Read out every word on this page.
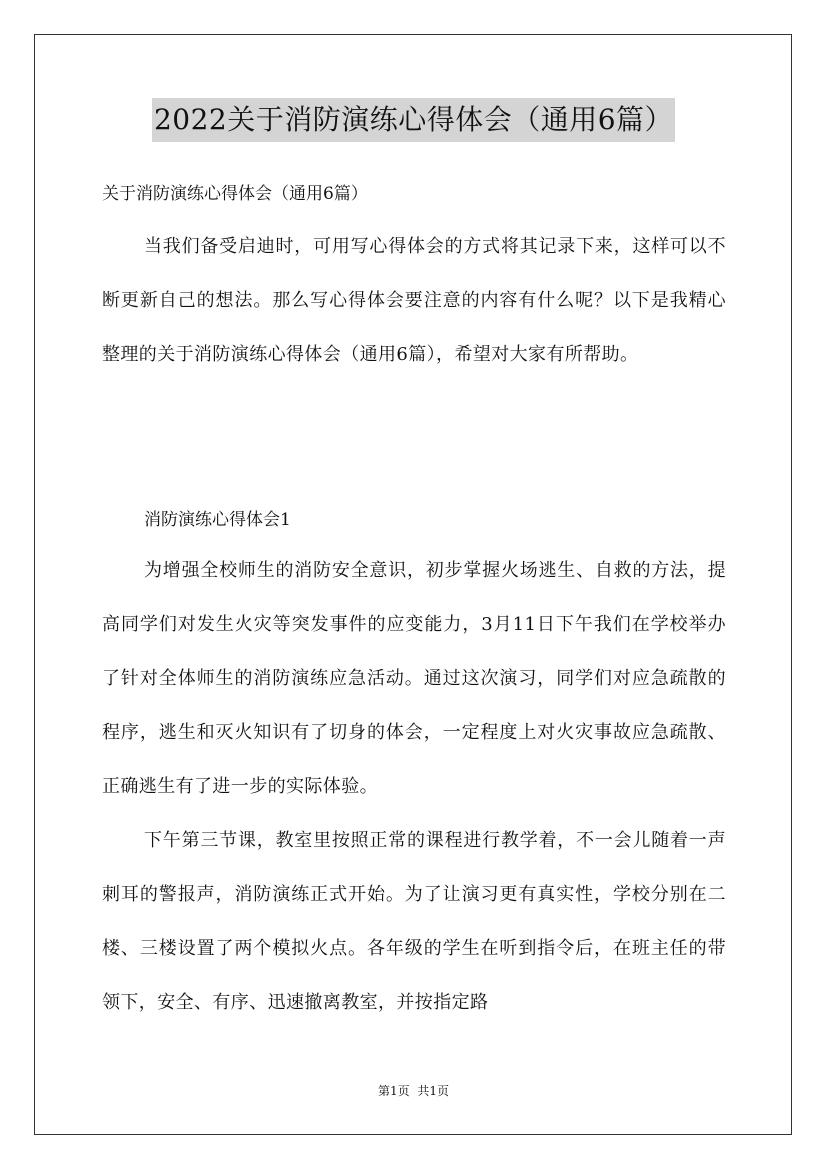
2022关于消防演练心得体会（通用6篇）
关于消防演练心得体会（通用6篇）

当我们备受启迪时，可用写心得体会的方式将其记录下来，这样可以不断更新自己的想法。那么写心得体会要注意的内容有什么呢？以下是我精心整理的关于消防演练心得体会（通用6篇），希望对大家有所帮助。

消防演练心得体会1

为增强全校师生的消防安全意识，初步掌握火场逃生、自救的方法，提高同学们对发生火灾等突发事件的应变能力，3月11日下午我们在学校举办了针对全体师生的消防演练应急活动。通过这次演习，同学们对应急疏散的程序，逃生和灭火知识有了切身的体会，一定程度上对火灾事故应急疏散、正确逃生有了进一步的实际体验。

下午第三节课，教室里按照正常的课程进行教学着，不一会儿随着一声刺耳的警报声，消防演练正式开始。为了让演习更有真实性，学校分别在二楼、三楼设置了两个模拟火点。各年级的学生在听到指令后，在班主任的带领下，安全、有序、迅速撤离教室，并按指定路

第1页 共1页
